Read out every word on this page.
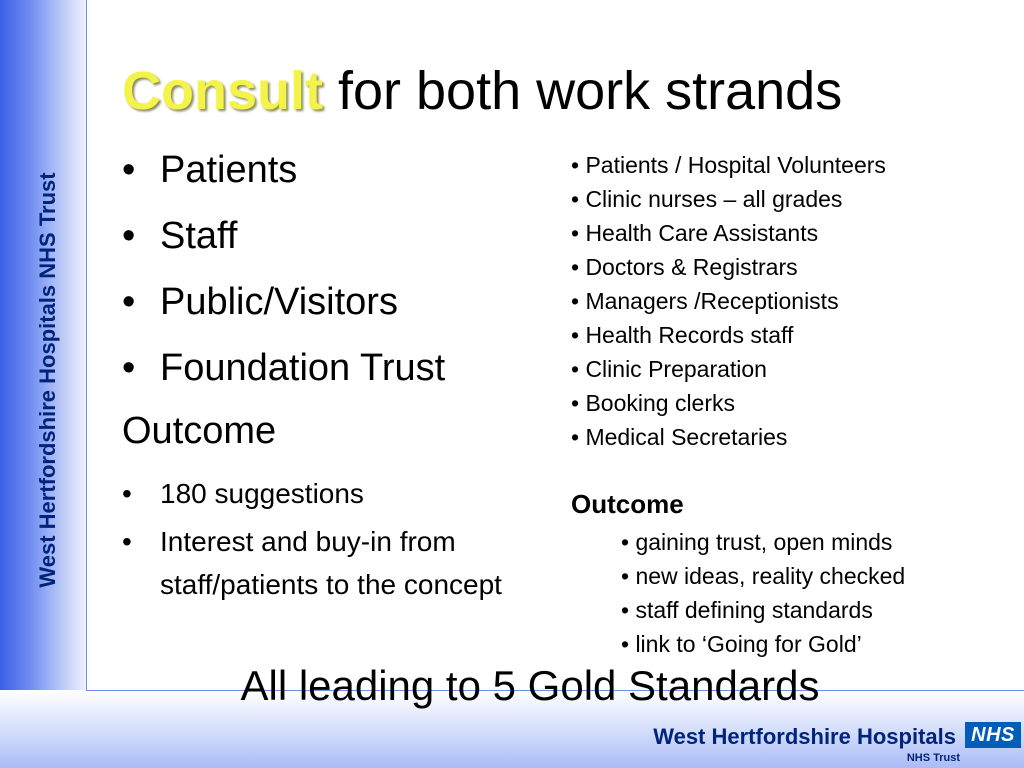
West Hertfordshire Hospitals NHS Trust
Consult for both work strands
• Patients
• Staff
• Public/Visitors
• Foundation Trust
Outcome
• 180 suggestions
• Interest and buy-in from
staff/patients to the concept
• Patients / Hospital Volunteers
• Clinic nurses – all grades
• Health Care Assistants
• Doctors & Registrars
• Managers /Receptionists
• Health Records staff
• Clinic Preparation
• Booking clerks
• Medical Secretaries
Outcome
• gaining trust, open minds
• new ideas, reality checked
• staff defining standards
• link to ‘Going for Gold’
All leading to 5 Gold Standards
West Hertfordshire Hospitals NHS
NHS Trust
